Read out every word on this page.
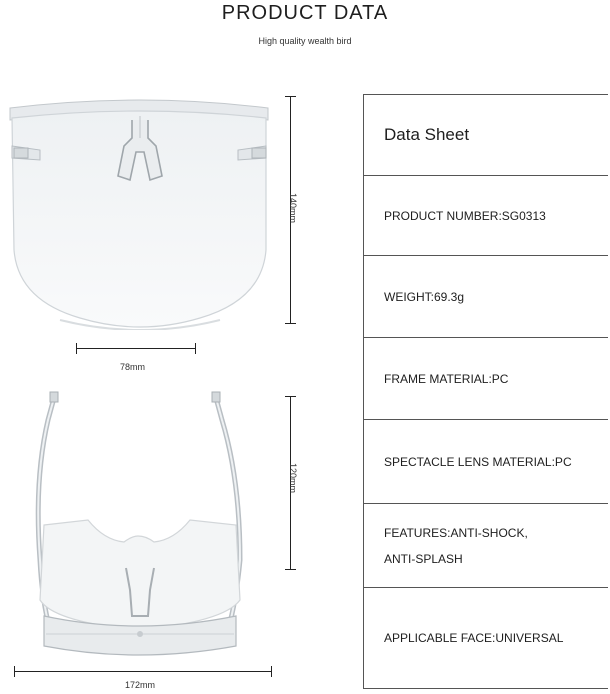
PRODUCT DATA
High quality wealth bird
140mm
78mm
120mm
172mm
Data Sheet
PRODUCT NUMBER:SG0313
WEIGHT:69.3g
FRAME MATERIAL:PC
SPECTACLE LENS MATERIAL:PC
FEATURES:ANTI-SHOCK,
ANTI-SPLASH
APPLICABLE FACE:UNIVERSAL
